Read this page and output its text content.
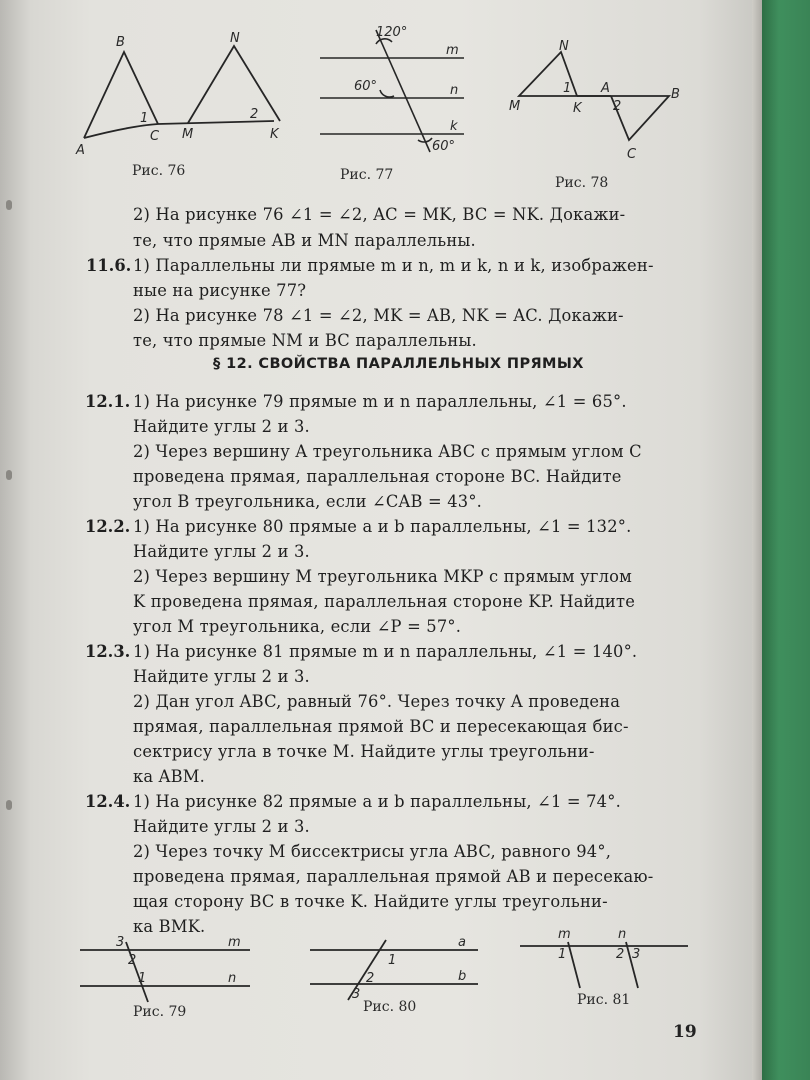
B	N
A
1
C M
2
K
Рис. 76
120°
m
60°	n
k
60°
Рис. 77
N
M
1
K
A
2
B
C
Рис. 78
2) На рисунке 76 ∠1 = ∠2, AC = MK, BC = NK. Докажи-
те, что прямые AB и MN параллельны.
11.6. 1) Параллельны ли прямые m и n, m и k, n и k, изображен-
ные на рисунке 77?
2) На рисунке 78 ∠1 = ∠2, MK = AB, NK = AC. Докажи-
те, что прямые NM и BC параллельны.
§ 12. СВОЙСТВА ПАРАЛЛЕЛЬНЫХ ПРЯМЫХ
12.1. 1) На рисунке 79 прямые m и n параллельны, ∠1 = 65°.
Найдите углы 2 и 3.
2) Через вершину A треугольника ABC с прямым углом C
проведена прямая, параллельная стороне BC. Найдите
угол B треугольника, если ∠CAB = 43°.
12.2. 1) На рисунке 80 прямые a и b параллельны, ∠1 = 132°.
Найдите углы 2 и 3.
2) Через вершину M треугольника MKP с прямым углом
K проведена прямая, параллельная стороне KP. Найдите
угол M треугольника, если ∠P = 57°.
12.3. 1) На рисунке 81 прямые m и n параллельны, ∠1 = 140°.
Найдите углы 2 и 3.
2) Дан угол ABC, равный 76°. Через точку A проведена
прямая, параллельная прямой BC и пересекающая бис-
сектрису угла в точке M. Найдите углы треугольни-
ка ABM.
12.4. 1) На рисунке 82 прямые a и b параллельны, ∠1 = 74°.
Найдите углы 2 и 3.
2) Через точку M биссектрисы угла ABC, равного 94°,
проведена прямая, параллельная прямой AB и пересекаю-
щая сторону BC в точке K. Найдите углы треугольни-
ка BMK.
3
2
m
1	n
Рис. 79
a
1
2
3
b
Рис. 80
m	n
1	2 3
Рис. 81
19
